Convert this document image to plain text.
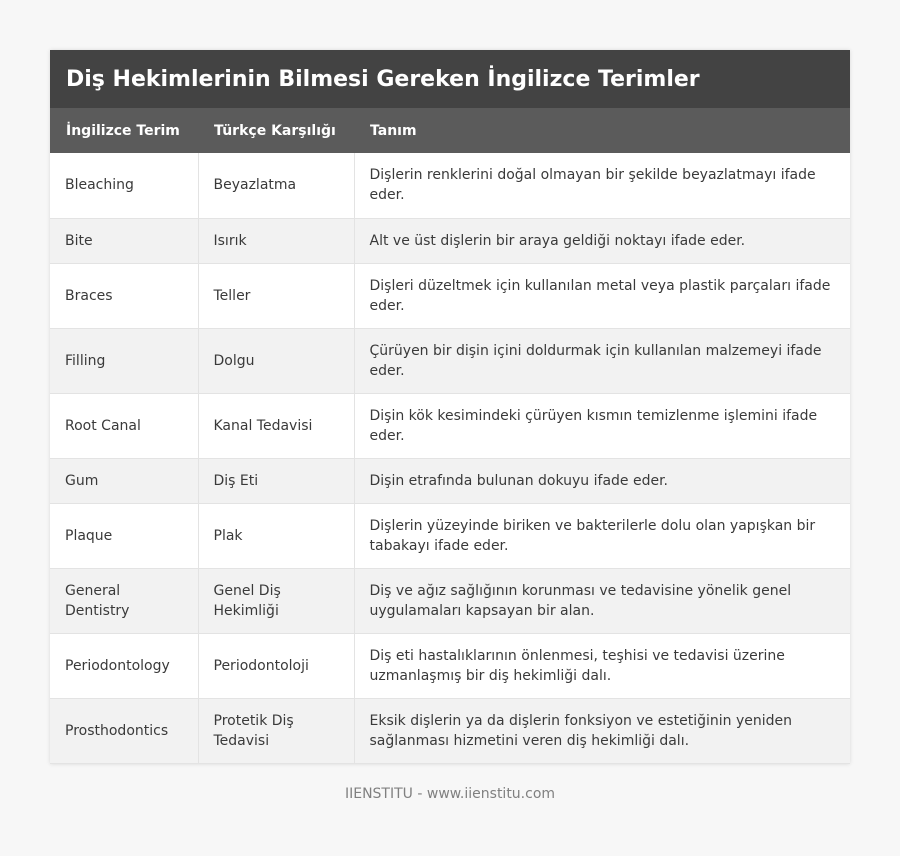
Diş Hekimlerinin Bilmesi Gereken İngilizce Terimler
İngilizce Terim	Türkçe Karşılığı	Tanım
Bleaching	Beyazlatma	Dişlerin renklerini doğal olmayan bir şekilde beyazlatmayı ifade eder.
Bite	Isırık	Alt ve üst dişlerin bir araya geldiği noktayı ifade eder.
Braces	Teller	Dişleri düzeltmek için kullanılan metal veya plastik parçaları ifade eder.
Filling	Dolgu	Çürüyen bir dişin içini doldurmak için kullanılan malzemeyi ifade eder.
Root Canal	Kanal Tedavisi	Dişin kök kesimindeki çürüyen kısmın temizlenme işlemini ifade eder.
Gum	Diş Eti	Dişin etrafında bulunan dokuyu ifade eder.
Plaque	Plak	Dişlerin yüzeyinde biriken ve bakterilerle dolu olan yapışkan bir tabakayı ifade eder.
General Dentistry	Genel Diş Hekimliği	Diş ve ağız sağlığının korunması ve tedavisine yönelik genel uygulamaları kapsayan bir alan.
Periodontology	Periodontoloji	Diş eti hastalıklarının önlenmesi, teşhisi ve tedavisi üzerine uzmanlaşmış bir diş hekimliği dalı.
Prosthodontics	Protetik Diş Tedavisi	Eksik dişlerin ya da dişlerin fonksiyon ve estetiğinin yeniden sağlanması hizmetini veren diş hekimliği dalı.
IIENSTITU - www.iienstitu.com
